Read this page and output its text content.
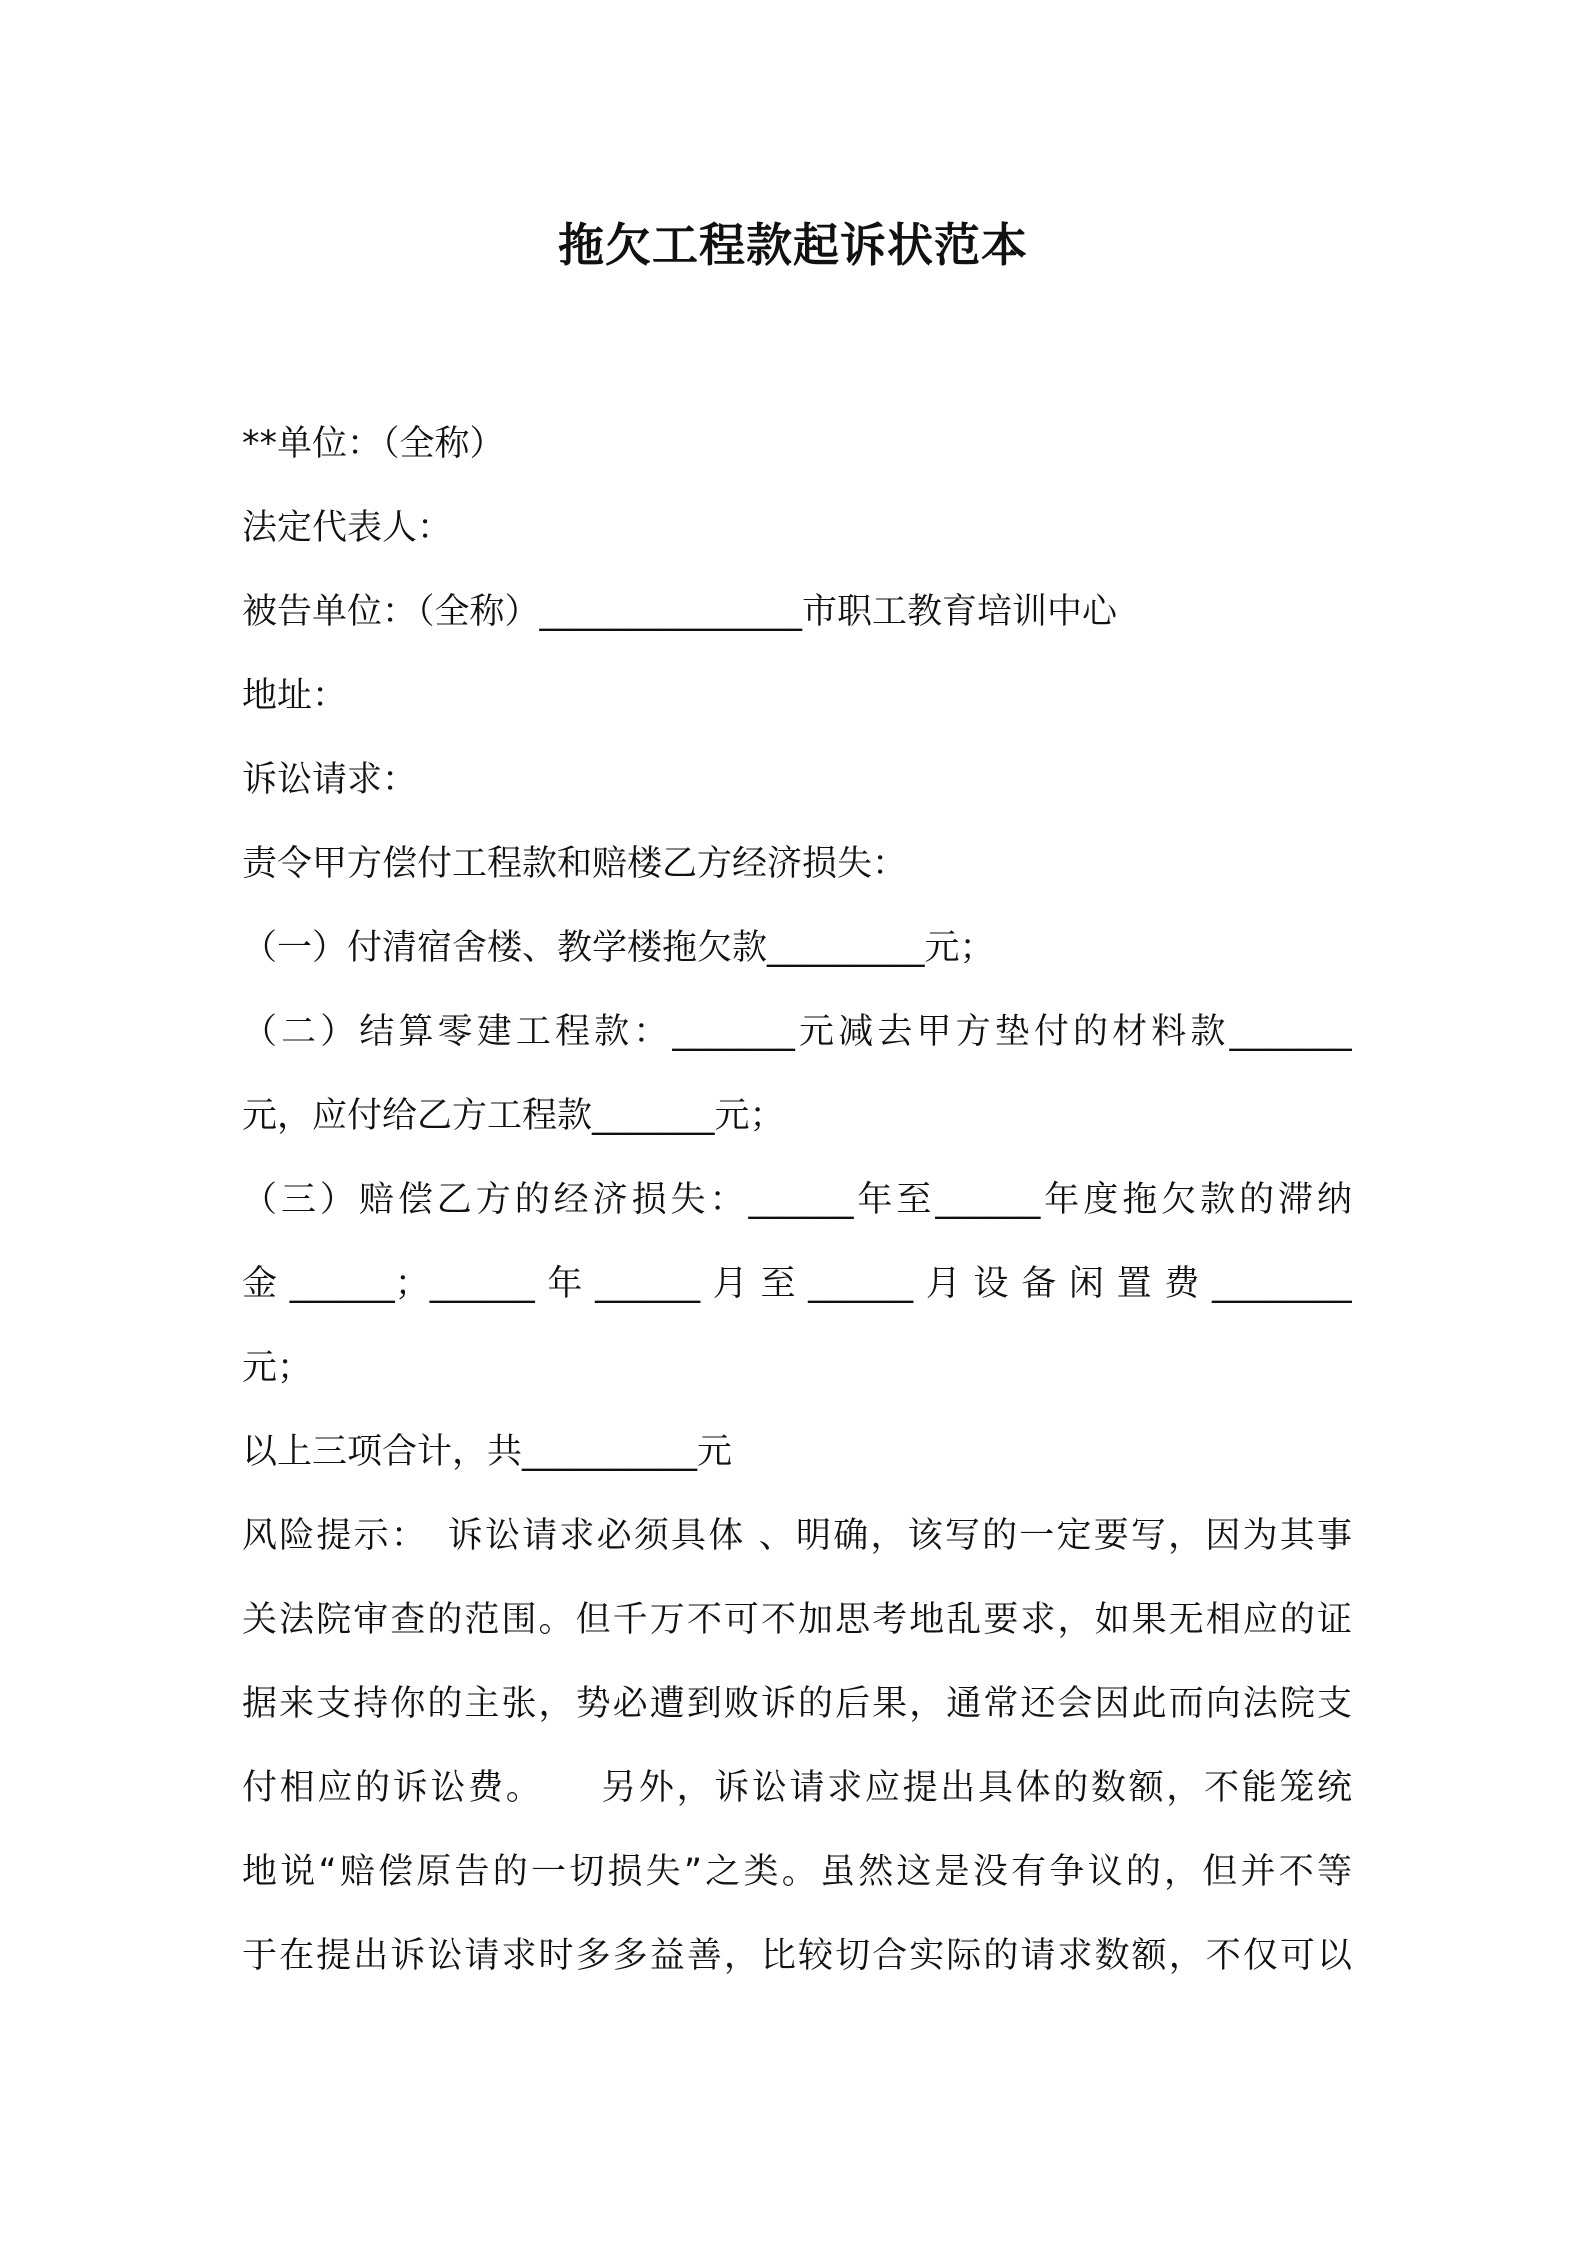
拖欠工程款起诉状范本
**单位：（全称）
法定代表人：
被告单位：（全称）_______________市职工教育培训中心
地址：
诉讼请求：
责令甲方偿付工程款和赔楼乙方经济损失：
（一）付清宿舍楼、教学楼拖欠款_________元；
（二）结算零建工程款：_______元减去甲方垫付的材料款_______
元，应付给乙方工程款_______元；
（三）赔偿乙方的经济损失：______年至______年度拖欠款的滞纳
金______；______年______月至______月设备闲置费________
元；
以上三项合计，共__________元
风险提示：　诉讼请求必须具体 、明确，该写的一定要写，因为其事
关法院审查的范围。但千万不可不加思考地乱要求，如果无相应的证
据来支持你的主张，势必遭到败诉的后果，通常还会因此而向法院支
付相应的诉讼费。　　另外，诉讼请求应提出具体的数额，不能笼统
地说“赔偿原告的一切损失”之类。虽然这是没有争议的，但并不等
于在提出诉讼请求时多多益善，比较切合实际的请求数额，不仅可以
